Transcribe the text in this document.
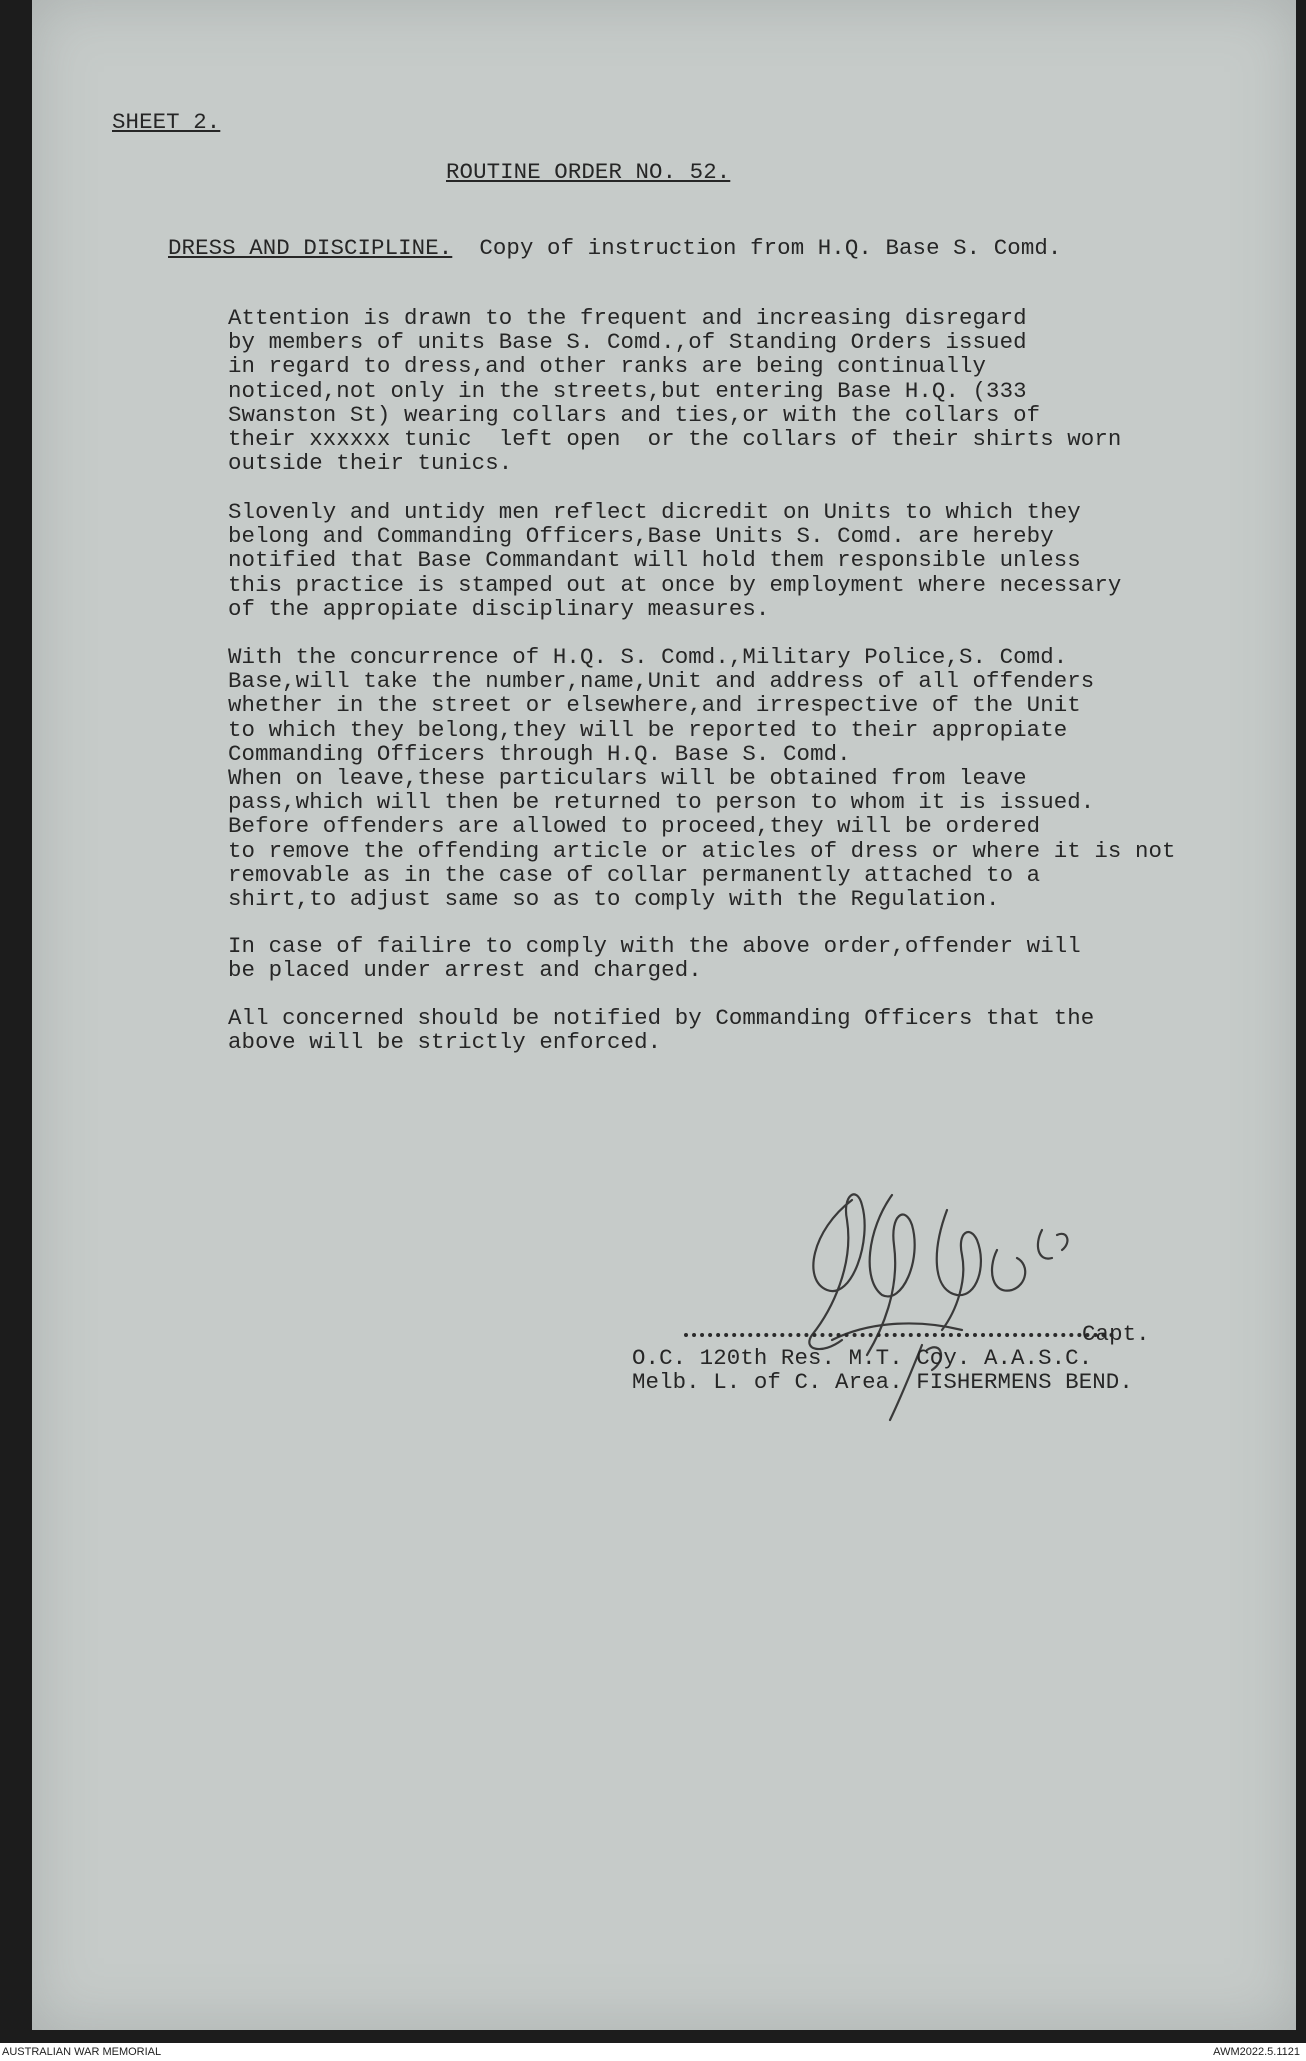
SHEET 2.
ROUTINE ORDER NO. 52.
DRESS AND DISCIPLINE. Copy of instruction from H.Q. Base S. Comd.
Attention is drawn to the frequent and increasing disregard
by members of units Base S. Comd.,of Standing Orders issued
in regard to dress,and other ranks are being continually
noticed,not only in the streets,but entering Base H.Q. (333
Swanston St) wearing collars and ties,or with the collars of
their xxxxxx tunic  left open  or the collars of their shirts worn
outside their tunics.
Slovenly and untidy men reflect dicredit on Units to which they
belong and Commanding Officers,Base Units S. Comd. are hereby
notified that Base Commandant will hold them responsible unless
this practice is stamped out at once by employment where necessary
of the appropiate disciplinary measures.
With the concurrence of H.Q. S. Comd.,Military Police,S. Comd.
Base,will take the number,name,Unit and address of all offenders
whether in the street or elsewhere,and irrespective of the Unit
to which they belong,they will be reported to their appropiate
Commanding Officers through H.Q. Base S. Comd.
When on leave,these particulars will be obtained from leave
pass,which will then be returned to person to whom it is issued.
Before offenders are allowed to proceed,they will be ordered
to remove the offending article or aticles of dress or where it is not
removable as in the case of collar permanently attached to a
shirt,to adjust same so as to comply with the Regulation.
In case of failire to comply with the above order,offender will
be placed under arrest and charged.
All concerned should be notified by Commanding Officers that the
above will be strictly enforced.
Capt.
O.C. 120th Res. M.T. Coy. A.A.S.C.
Melb. L. of C. Area. FISHERMENS BEND.
AUSTRALIAN WAR MEMORIAL	AWM2022.5.1121
